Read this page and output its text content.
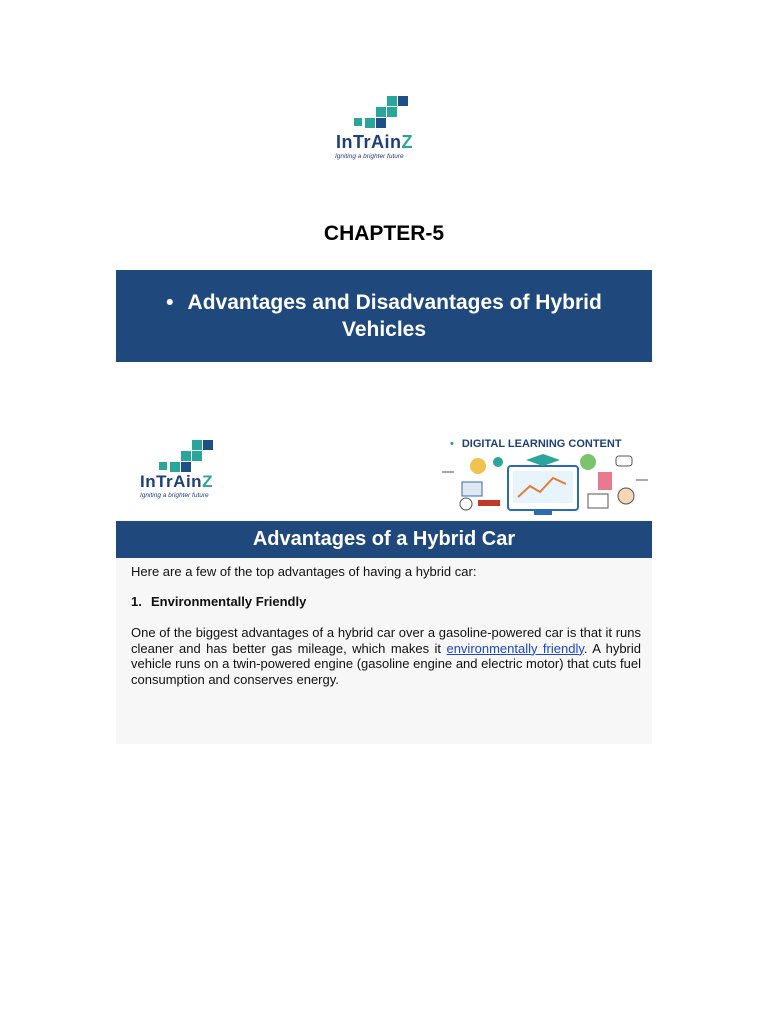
InTrAinZ
Igniting a brighter future
CHAPTER-5
• Advantages and Disadvantages of Hybrid Vehicles
InTrAinZ
Igniting a brighter future
• DIGITAL LEARNING CONTENT
Advantages of a Hybrid Car
Here are a few of the top advantages of having a hybrid car:
1. Environmentally Friendly
One of the biggest advantages of a hybrid car over a gasoline-powered car is that it runs cleaner and has better gas mileage, which makes it environmentally friendly. A hybrid vehicle runs on a twin-powered engine (gasoline engine and electric motor) that cuts fuel consumption and conserves energy.
